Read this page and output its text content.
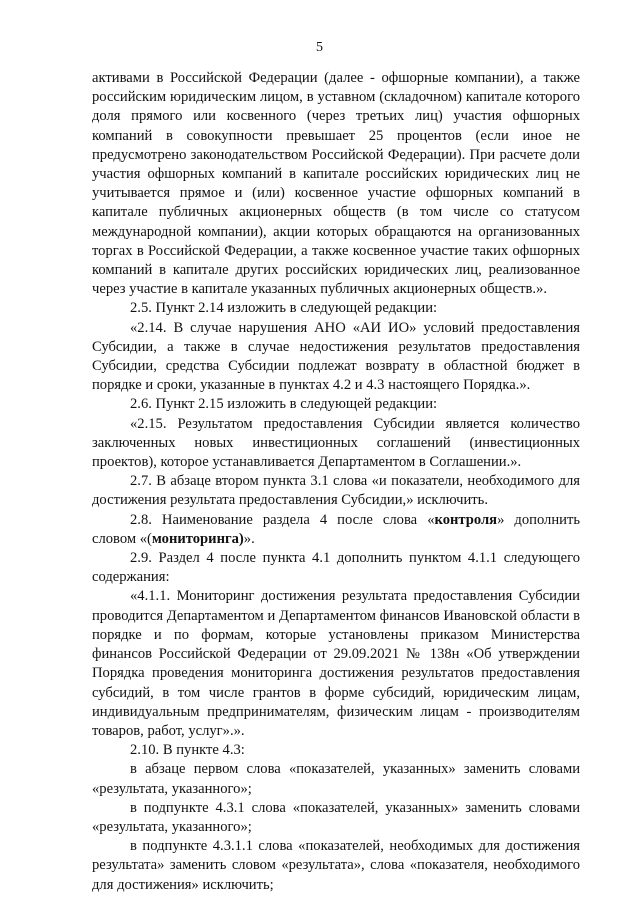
5

активами в Российской Федерации (далее - офшорные компании), а также российским юридическим лицом, в уставном (складочном) капитале которого доля прямого или косвенного (через третьих лиц) участия офшорных компаний в совокупности превышает 25 процентов (если иное не предусмотрено законодательством Российской Федерации). При расчете доли участия офшорных компаний в капитале российских юридических лиц не учитывается прямое и (или) косвенное участие офшорных компаний в капитале публичных акционерных обществ (в том числе со статусом международной компании), акции которых обращаются на организованных торгах в Российской Федерации, а также косвенное участие таких офшорных компаний в капитале других российских юридических лиц, реализованное через участие в капитале указанных публичных акционерных обществ.».

2.5. Пункт 2.14 изложить в следующей редакции:

«2.14. В случае нарушения АНО «АИ ИО» условий предоставления Субсидии, а также в случае недостижения результатов предоставления Субсидии, средства Субсидии подлежат возврату в областной бюджет в порядке и сроки, указанные в пунктах 4.2 и 4.3 настоящего Порядка.».

2.6. Пункт 2.15 изложить в следующей редакции:

«2.15. Результатом предоставления Субсидии является количество заключенных новых инвестиционных соглашений (инвестиционных проектов), которое устанавливается Департаментом в Соглашении.».

2.7. В абзаце втором пункта 3.1 слова «и показатели, необходимого для достижения результата предоставления Субсидии,» исключить.

2.8. Наименование раздела 4 после слова «контроля» дополнить словом «(мониторинга)».

2.9. Раздел 4 после пункта 4.1 дополнить пунктом 4.1.1 следующего содержания:

«4.1.1. Мониторинг достижения результата предоставления Субсидии проводится Департаментом и Департаментом финансов Ивановской области в порядке и по формам, которые установлены приказом Министерства финансов Российской Федерации от 29.09.2021 № 138н «Об утверждении Порядка проведения мониторинга достижения результатов предоставления субсидий, в том числе грантов в форме субсидий, юридическим лицам, индивидуальным предпринимателям, физическим лицам - производителям товаров, работ, услуг».».

2.10. В пункте 4.3:

в абзаце первом слова «показателей, указанных» заменить словами «результата, указанного»;

в подпункте 4.3.1 слова «показателей, указанных» заменить словами «результата, указанного»;

в подпункте 4.3.1.1 слова «показателей, необходимых для достижения результата» заменить словом «результата», слова «показателя, необходимого для достижения» исключить;
